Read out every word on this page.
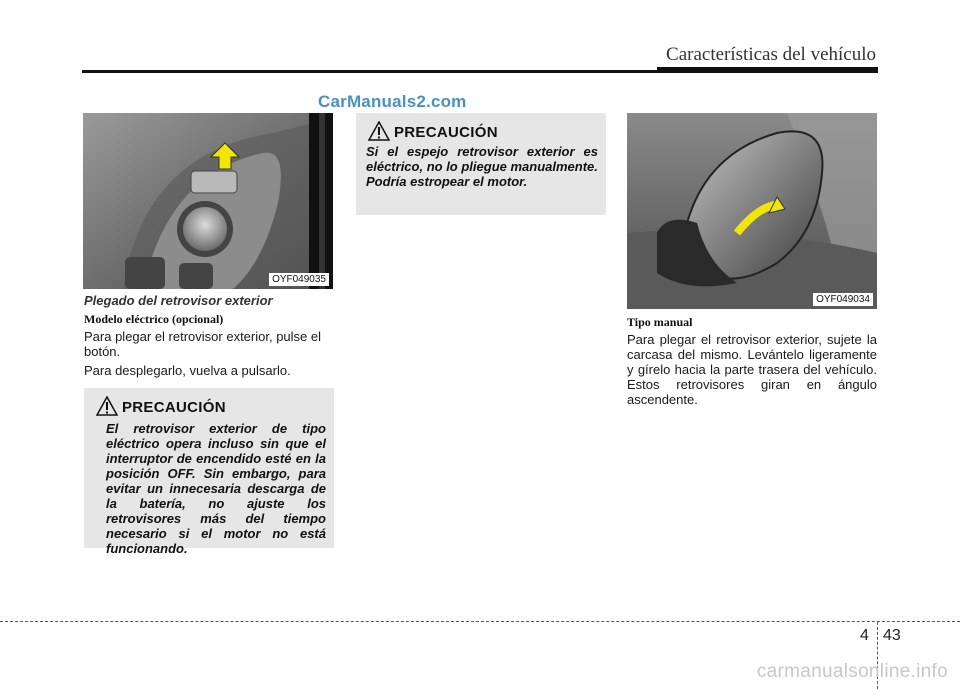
Características del vehículo
CarManuals2.com
OYF049035
Plegado del retrovisor exterior
Modelo eléctrico (opcional)

Para plegar el retrovisor exterior, pulse el botón.

Para desplegarlo, vuelva a pulsarlo.

PRECAUCIÓN

El retrovisor exterior de tipo eléctrico opera incluso sin que el interruptor de encendido esté en la posición OFF. Sin embargo, para evitar un innecesaria descarga de la batería, no ajuste los retrovisores más del tiempo necesario si el motor no está funcionando.

PRECAUCIÓN

Si el espejo retrovisor exterior es eléctrico, no lo pliegue manualmente.

Podría estropear el motor.

OYF049034
Tipo manual

Para plegar el retrovisor exterior, sujete la carcasa del mismo. Levántelo ligeramente y gírelo hacia la parte trasera del vehículo. Estos retrovisores giran en ángulo ascendente.

4 43
carmanualsonline.info
